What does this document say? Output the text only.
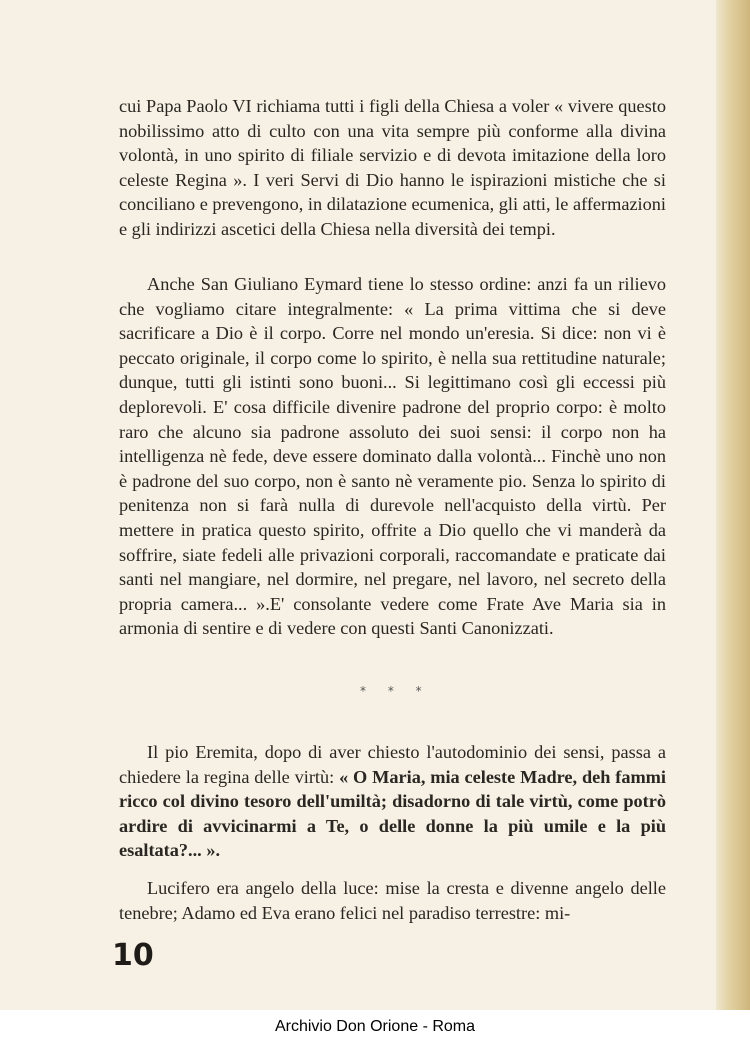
cui Papa Paolo VI richiama tutti i figli della Chiesa a voler « vivere questo nobilissimo atto di culto con una vita sempre più conforme alla divina volontà, in uno spirito di filiale servizio e di devota imitazione della loro celeste Regina ». I veri Servi di Dio hanno le ispirazioni mistiche che si conciliano e prevengono, in dilatazione ecumenica, gli atti, le affermazioni e gli indirizzi ascetici della Chiesa nella diversità dei tempi.

Anche San Giuliano Eymard tiene lo stesso ordine: anzi fa un rilievo che vogliamo citare integralmente: « La prima vittima che si deve sacrificare a Dio è il corpo. Corre nel mondo un'eresia. Si dice: non vi è peccato originale, il corpo come lo spirito, è nella sua rettitudine naturale; dunque, tutti gli istinti sono buoni... Si legittimano così gli eccessi più deplorevoli. E' cosa difficile divenire padrone del proprio corpo: è molto raro che alcuno sia padrone assoluto dei suoi sensi: il corpo non ha intelligenza nè fede, deve essere dominato dalla volontà... Finchè uno non è padrone del suo corpo, non è santo nè veramente pio. Senza lo spirito di penitenza non si farà nulla di durevole nell'acquisto della virtù. Per mettere in pratica questo spirito, offrite a Dio quello che vi manderà da soffrire, siate fedeli alle privazioni corporali, raccomandate e praticate dai santi nel mangiare, nel dormire, nel pregare, nel lavoro, nel secreto della propria camera... ».E' consolante vedere come Frate Ave Maria sia in armonia di sentire e di vedere con questi Santi Canonizzati.

* * *

Il pio Eremita, dopo di aver chiesto l'autodominio dei sensi, passa a chiedere la regina delle virtù: « O Maria, mia celeste Madre, deh fammi ricco col divino tesoro dell'umiltà; disadorno di tale virtù, come potrò ardire di avvicinarmi a Te, o delle donne la più umile e la più esaltata?... ».

Lucifero era angelo della luce: mise la cresta e divenne angelo delle tenebre; Adamo ed Eva erano felici nel paradiso terrestre: mi-

10
Archivio Don Orione - Roma
